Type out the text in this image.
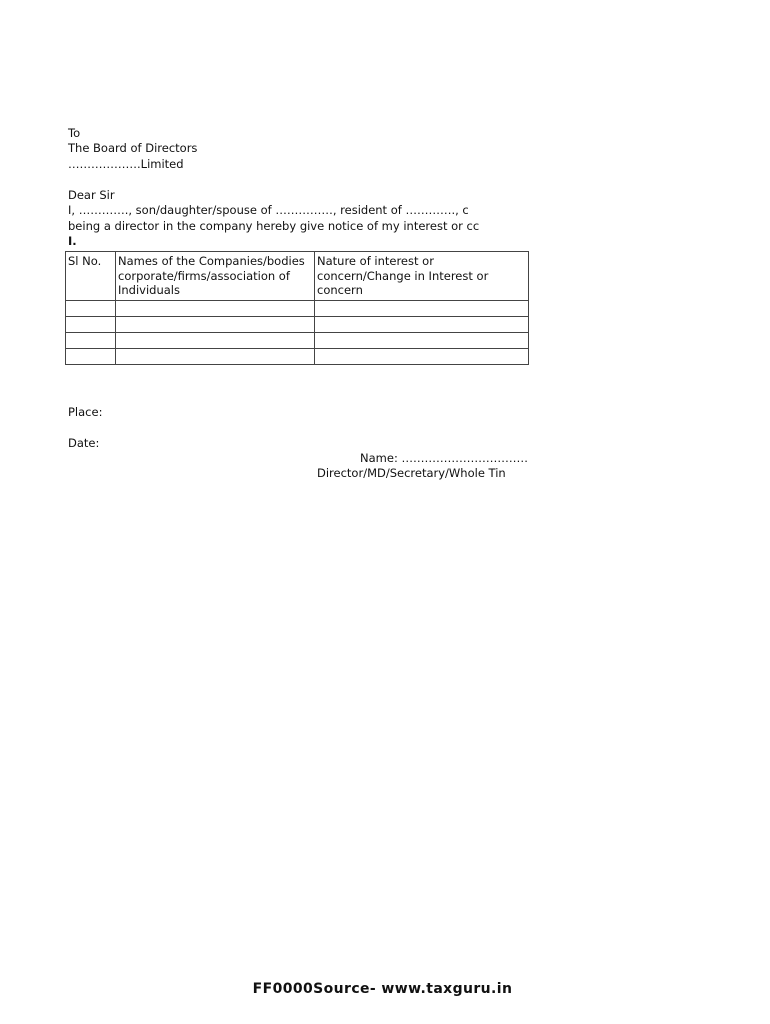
To
The Board of Directors
……………….Limited
Dear Sir
I, …………., son/daughter/spouse of ……………, resident of …………., c
being a director in the company hereby give notice of my interest or cc
I.
Sl No.	Names of the Companies/bodies corporate/firms/association of Individuals	Nature of interest or concern/Change in Interest or concern

Place:
Date:
Name: ……………………………
Director/MD/Secretary/Whole Tin
FF0000Source- www.taxguru.in
